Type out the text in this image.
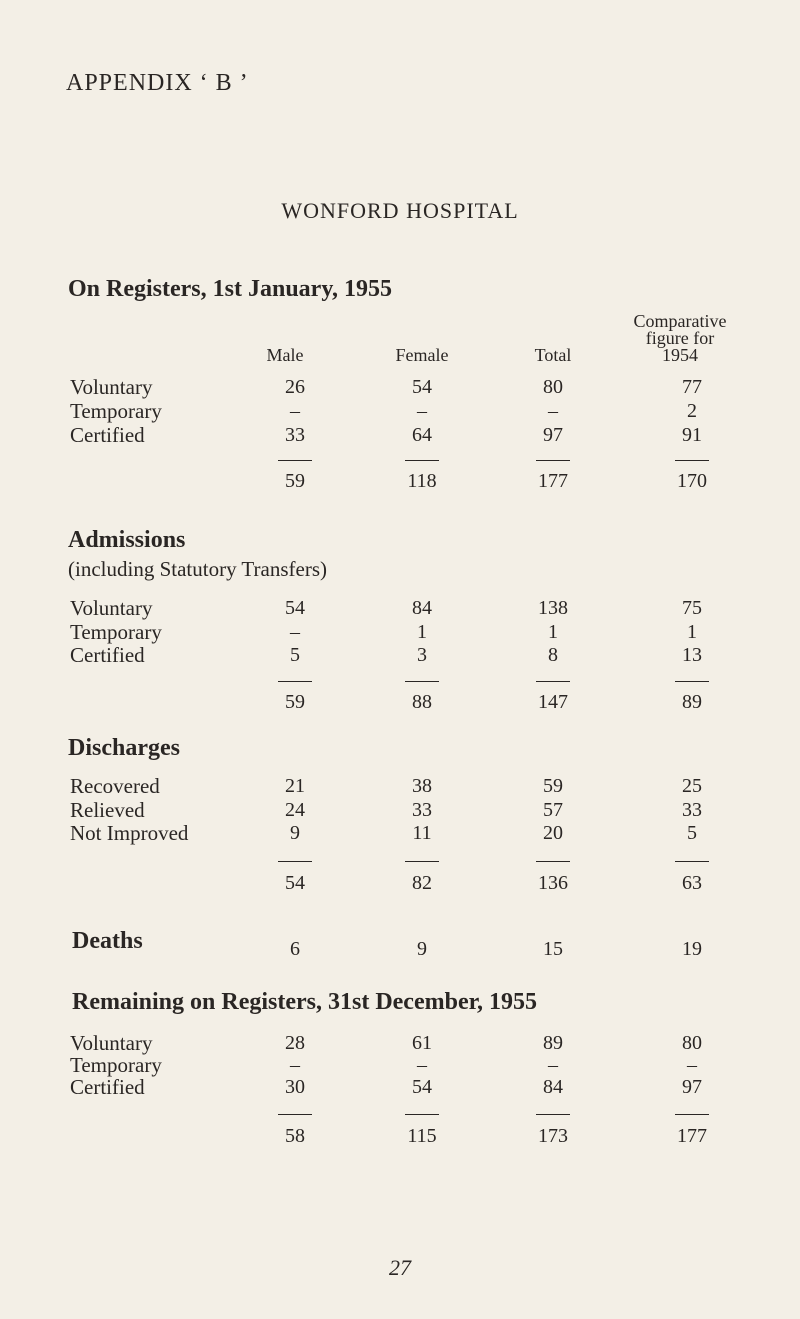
APPENDIX ‘ B ’
WONFORD HOSPITAL
On Registers, 1st January, 1955
Male	Female	Total
Comparative
figure for
1954
Voluntary	26	54	80	77
Temporary	–	–	–	2
Certified	33	64	97	91
59	118	177	170
Admissions
(including Statutory Transfers)
Voluntary	54	84	138	75
Temporary	–	1	1	1
Certified	5	3	8	13
59	88	147	89
Discharges
Recovered	21	38	59	25
Relieved	24	33	57	33
Not Improved	9	11	20	5
54	82	136	63
Deaths	6	9	15	19
Remaining on Registers, 31st December, 1955
Voluntary	28	61	89	80
Temporary	–	–	–	–
Certified	30	54	84	97
58	115	173	177
27
